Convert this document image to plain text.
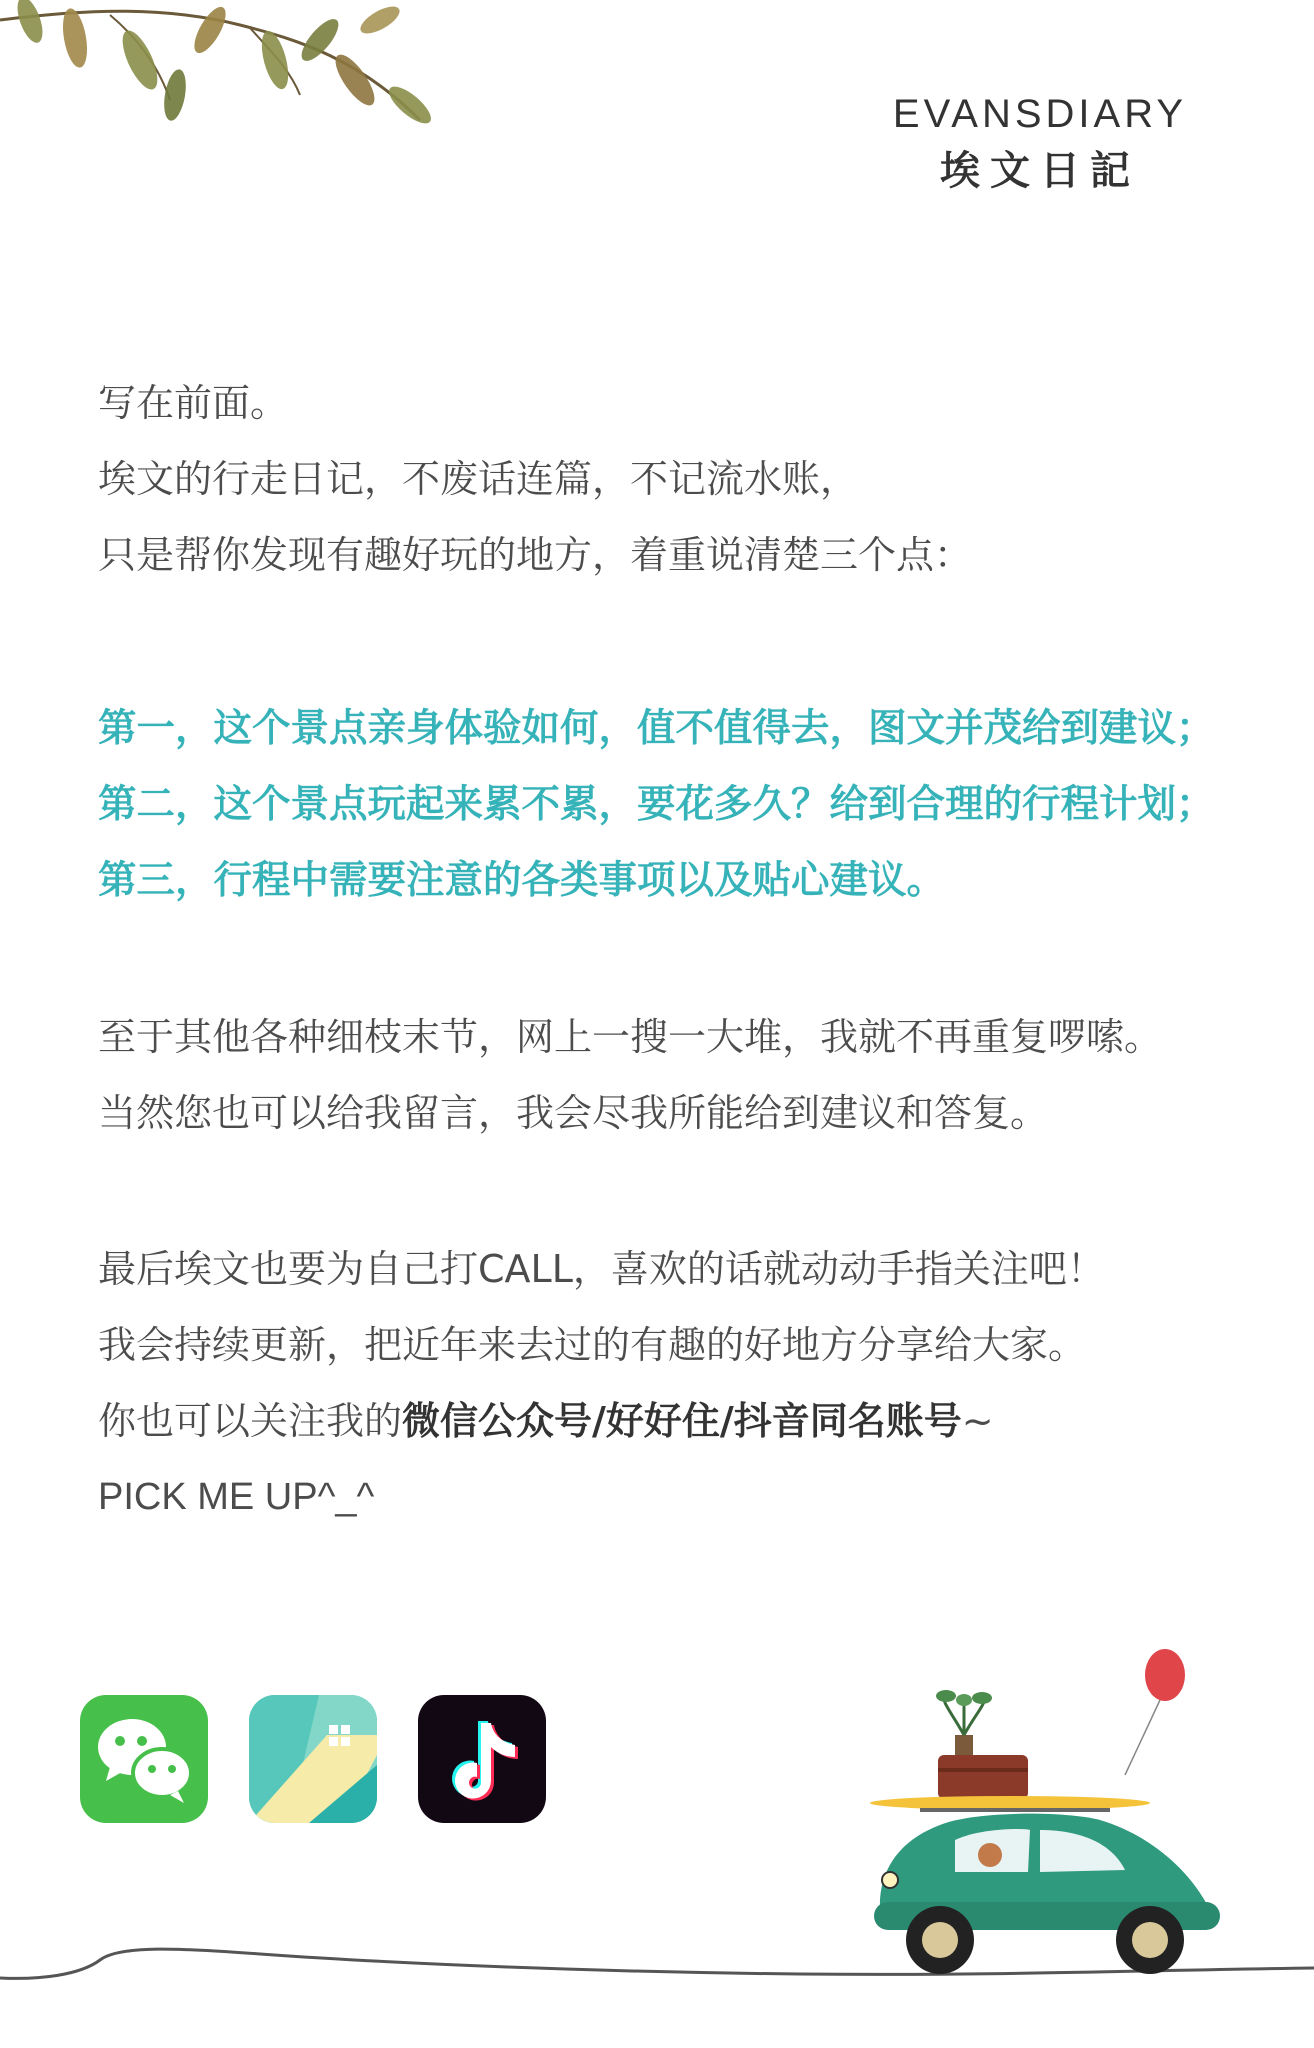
EVANSDIARY
埃文日記
写在前面。
埃文的行走日记，不废话连篇，不记流水账，
只是帮你发现有趣好玩的地方，着重说清楚三个点：
第一，这个景点亲身体验如何，值不值得去，图文并茂给到建议；
第二，这个景点玩起来累不累，要花多久？给到合理的行程计划；
第三，行程中需要注意的各类事项以及贴心建议。
至于其他各种细枝末节，网上一搜一大堆，我就不再重复啰嗦。
当然您也可以给我留言，我会尽我所能给到建议和答复。
最后埃文也要为自己打CALL，喜欢的话就动动手指关注吧！
我会持续更新，把近年来去过的有趣的好地方分享给大家。
你也可以关注我的微信公众号/好好住/抖音同名账号~
PICK ME UP^_^
